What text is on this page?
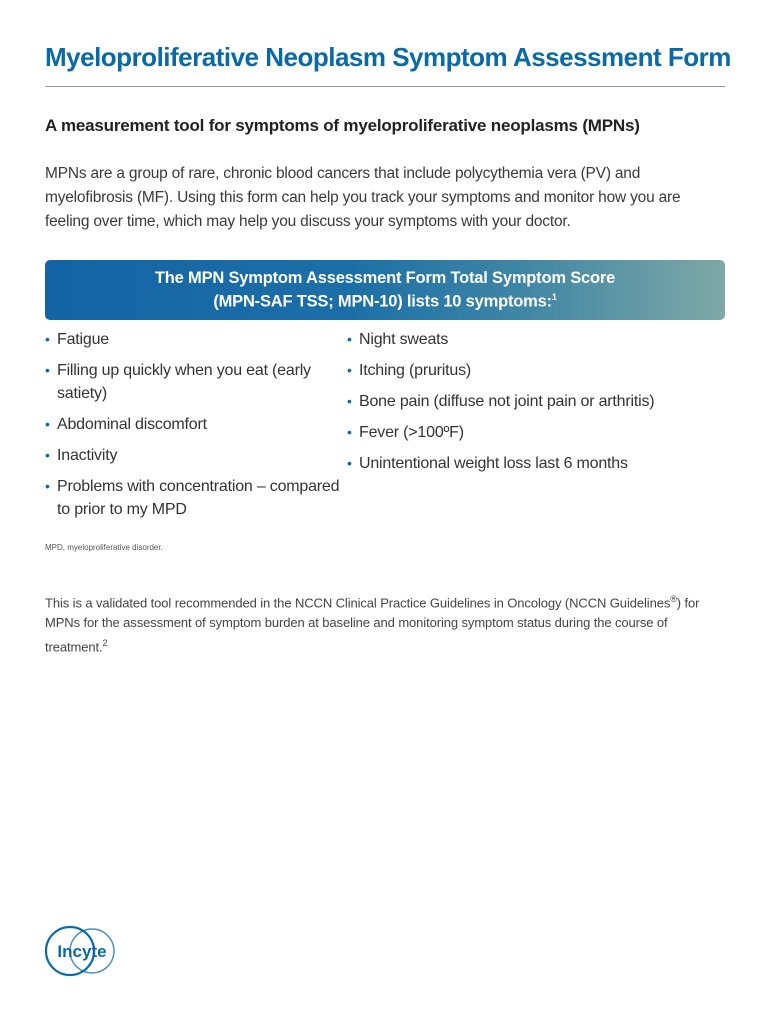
Myeloproliferative Neoplasm Symptom Assessment Form
A measurement tool for symptoms of myeloproliferative neoplasms (MPNs)

MPNs are a group of rare, chronic blood cancers that include polycythemia vera (PV) and myelofibrosis (MF). Using this form can help you track your symptoms and monitor how you are feeling over time, which may help you discuss your symptoms with your doctor.

The MPN Symptom Assessment Form Total Symptom Score
(MPN-SAF TSS; MPN-10) lists 10 symptoms:$^1$
MPD, myeloproliferative disorder.

This is a validated tool recommended in the NCCN Clinical Practice Guidelines in Oncology (NCCN Guidelines®) for MPNs for the assessment of symptom burden at baseline and monitoring symptom status during the course of treatment.$^2$

• Fatigue
• Filling up quickly when you eat (early satiety)
• Abdominal discomfort
• Inactivity
• Problems with concentration – compared to prior to my MPD
• Night sweats
• Itching (pruritus)
• Bone pain (diffuse not joint pain or arthritis)
• Fever (>100ºF)
• Unintentional weight loss last 6 months
Incyte
